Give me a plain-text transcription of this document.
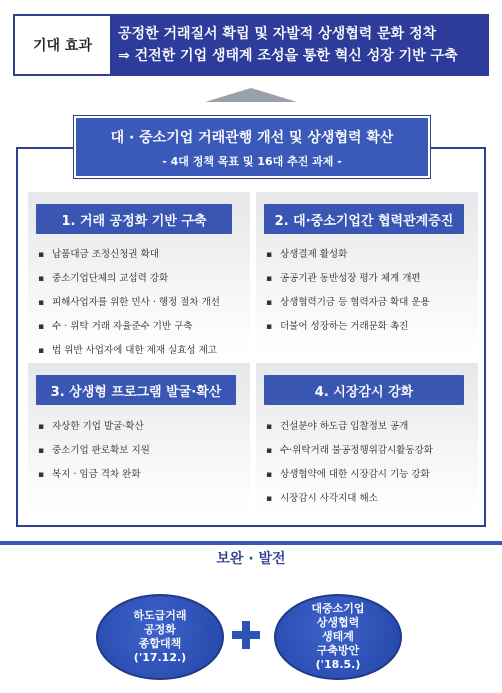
기대 효과
공정한 거래질서 확립 및 자발적 상생협력 문화 정착
⇒ 건전한 기업 생태계 조성을 통한 혁신 성장 기반 구축
대 · 중소기업 거래관행 개선 및 상생협력 확산
- 4대 정책 목표 및 16대 추진 과제 -
1. 거래 공정화 기반 구축
▪ 납품대금 조정신청권 확대
▪ 중소기업단체의 교섭력 강화
▪ 피해사업자를 위한 민사 · 행정 절차 개선
▪ 수 · 위탁 거래 자율준수 기반 구축
▪ 법 위반 사업자에 대한 제재 실효성 제고
2. 대·중소기업간 협력관계증진
▪ 상생결제 활성화
▪ 공공기관 동반성장 평가 체계 개편
▪ 상생협력기금 등 협력자금 확대 운용
▪ 더불어 성장하는 거래문화 촉진
3. 상생형 프로그램 발굴·확산
▪ 자상한 기업 발굴·확산
▪ 중소기업 판로확보 지원
▪ 복지 · 임금 격차 완화
4. 시장감시 강화
▪ 건설분야 하도급 입찰정보 공개
▪ 수·위탁거래 불공정행위감시활동강화
▪ 상생협약에 대한 시장감시 기능 강화
▪ 시장감시 사각지대 해소
보완 · 발전
하도급거래
공정화
종합대책
('17.12.)
대중소기업
상생협력
생태계
구축방안
('18.5.)
